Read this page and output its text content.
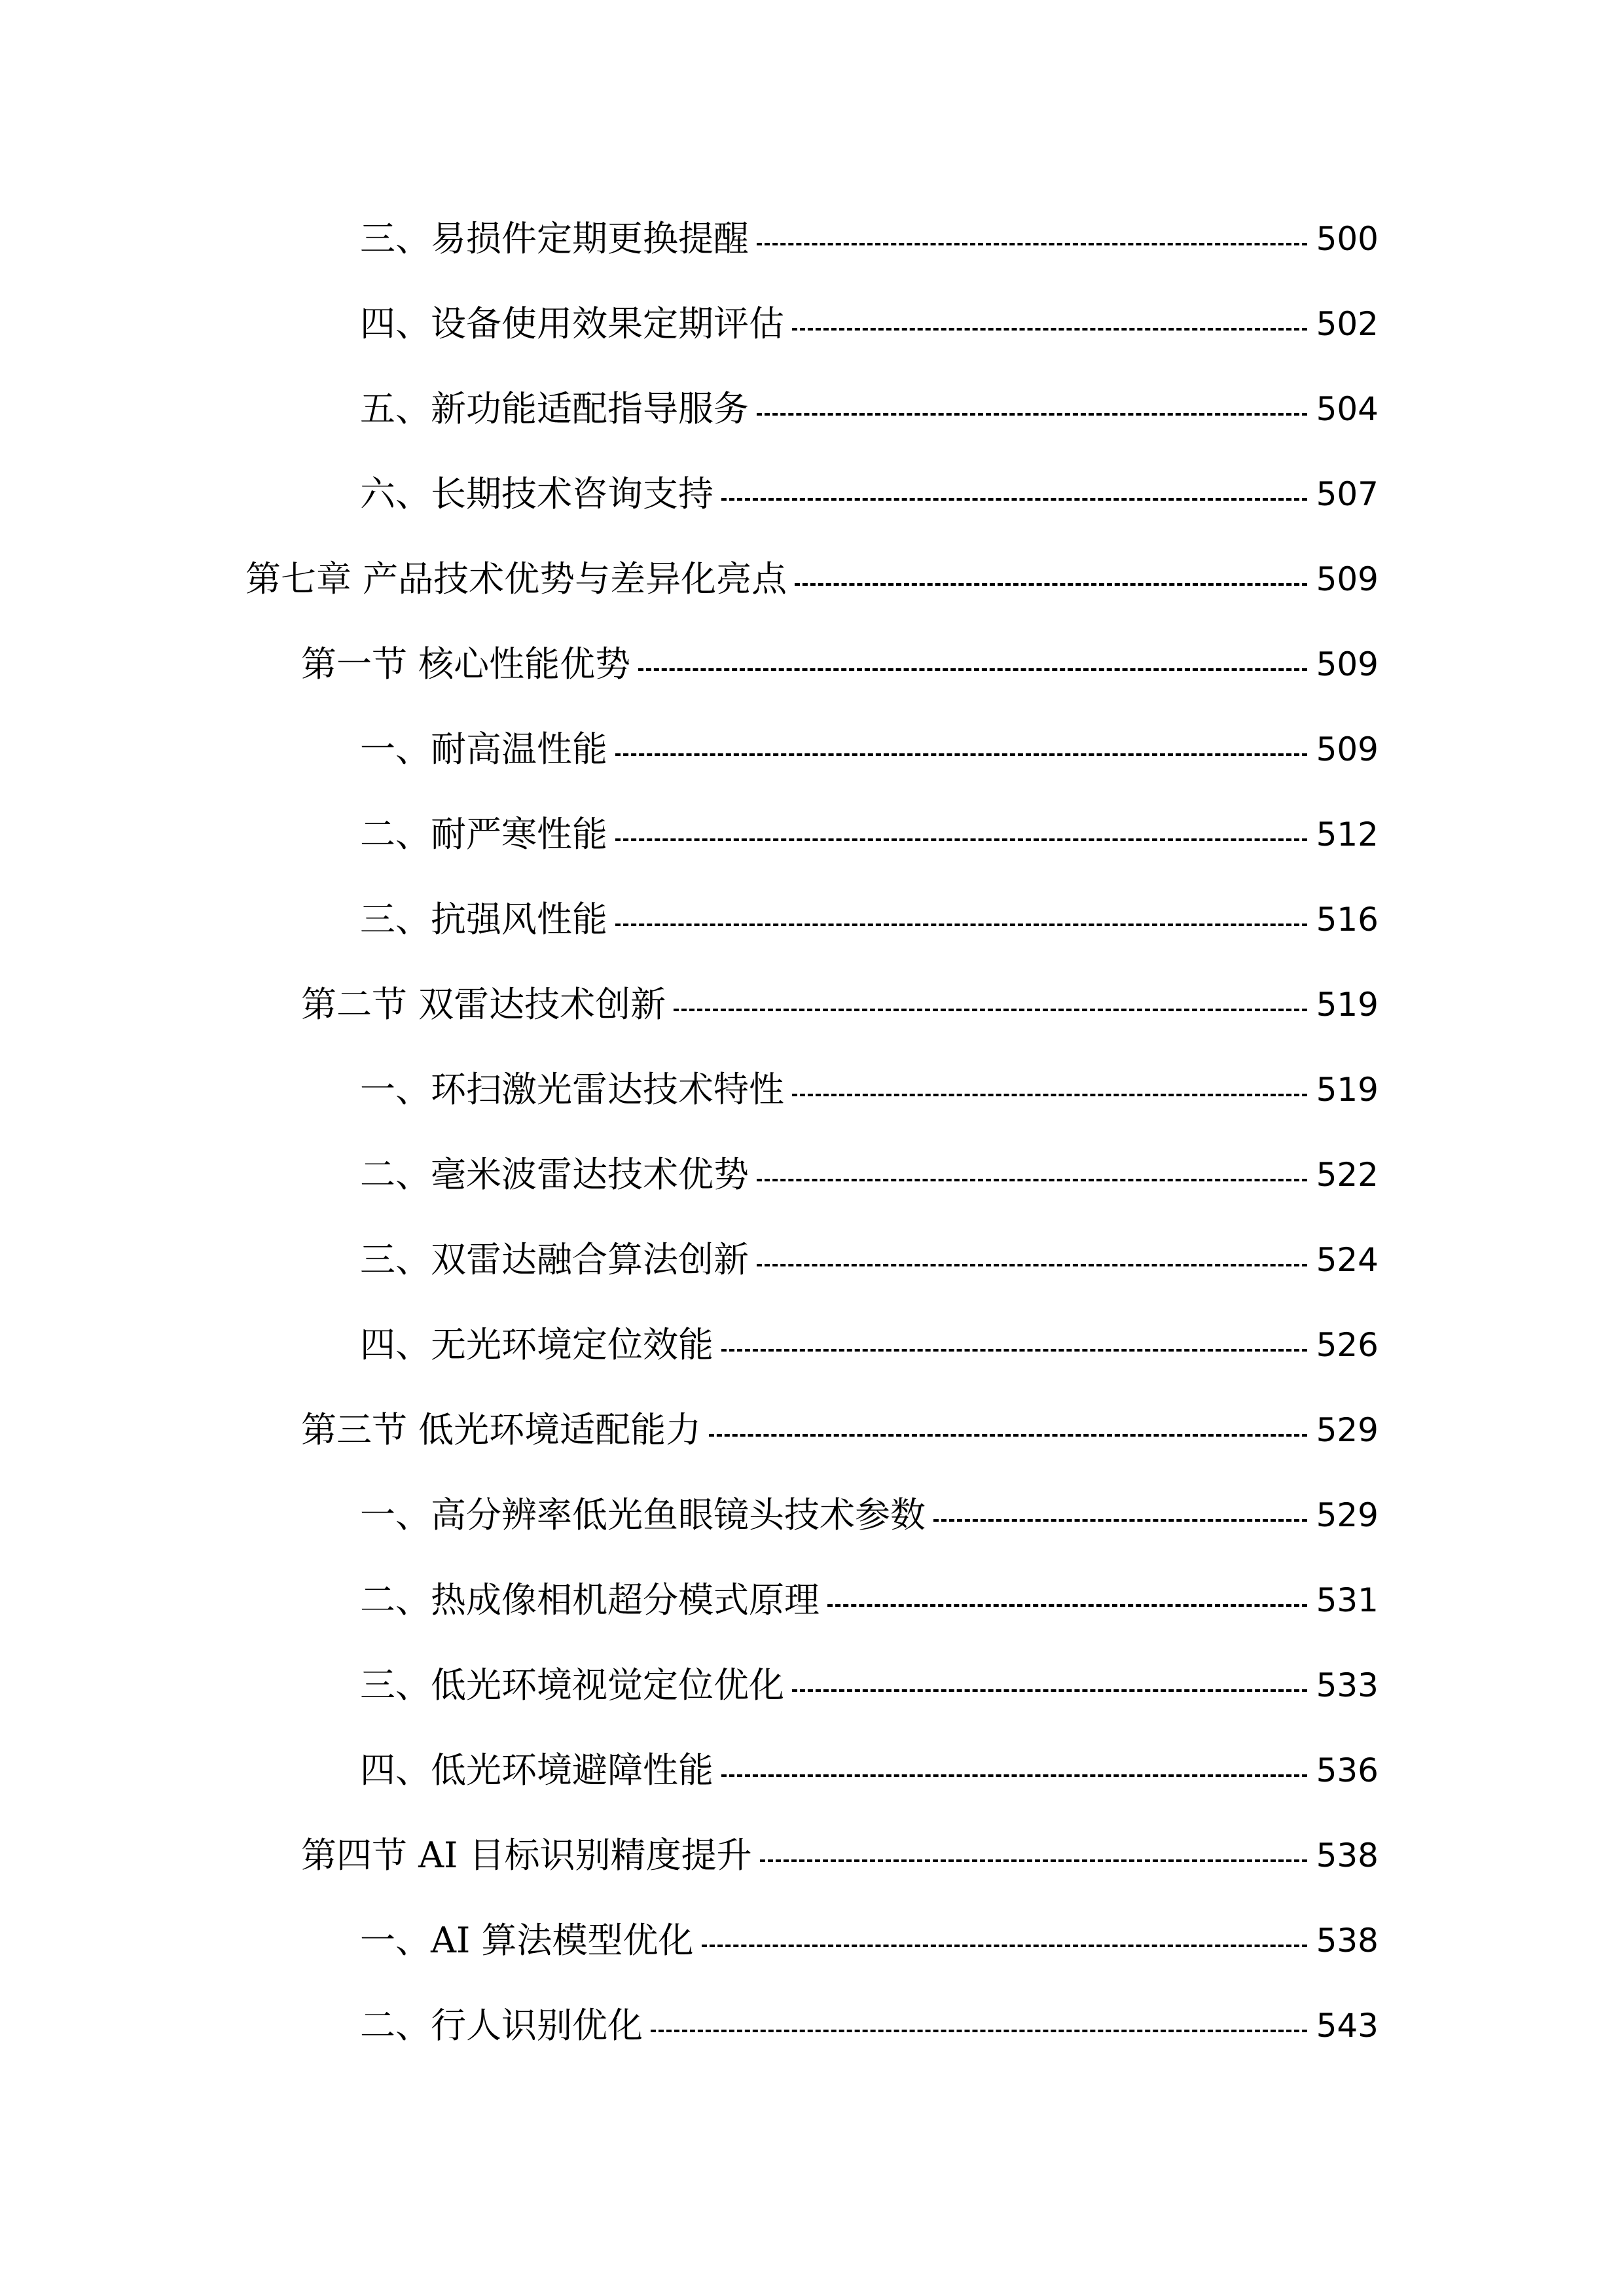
三、易损件定期更换提醒	500
四、设备使用效果定期评估	502
五、新功能适配指导服务	504
六、长期技术咨询支持	507
第七章 产品技术优势与差异化亮点	509
第一节 核心性能优势	509
一、耐高温性能	509
二、耐严寒性能	512
三、抗强风性能	516
第二节 双雷达技术创新	519
一、环扫激光雷达技术特性	519
二、毫米波雷达技术优势	522
三、双雷达融合算法创新	524
四、无光环境定位效能	526
第三节 低光环境适配能力	529
一、高分辨率低光鱼眼镜头技术参数	529
二、热成像相机超分模式原理	531
三、低光环境视觉定位优化	533
四、低光环境避障性能	536
第四节 AI 目标识别精度提升	538
一、AI 算法模型优化	538
二、行人识别优化	543
